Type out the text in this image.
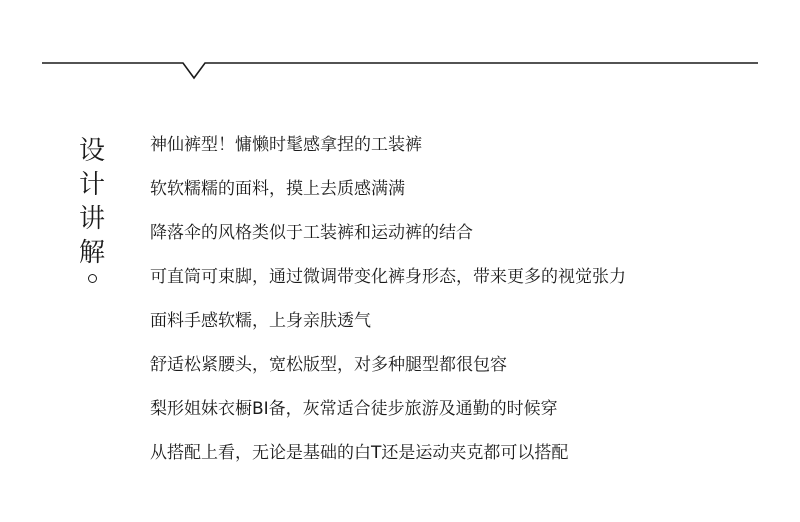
设
计
讲
解
神仙裤型！慵懒时髦感拿捏的工装裤
软软糯糯的面料，摸上去质感满满
降落伞的风格类似于工装裤和运动裤的结合
可直筒可束脚，通过微调带变化裤身形态，带来更多的视觉张力
面料手感软糯，上身亲肤透气
舒适松紧腰头，宽松版型，对多种腿型都很包容
梨形姐妹衣橱BI备，灰常适合徒步旅游及通勤的时候穿
从搭配上看，无论是基础的白T还是运动夹克都可以搭配
